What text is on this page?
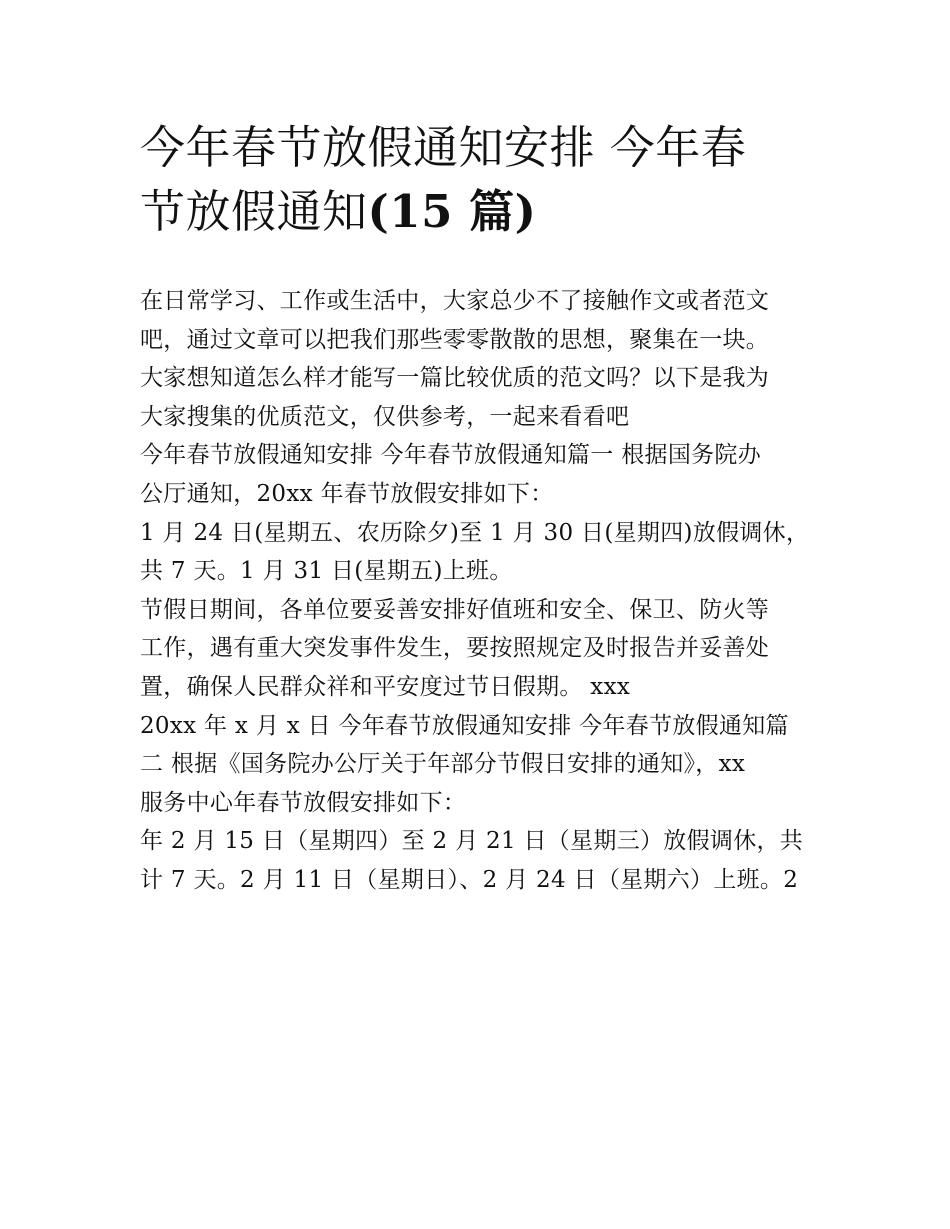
今年春节放假通知安排 今年春
节放假通知(15 篇)

在日常学习、工作或生活中，大家总少不了接触作文或者范文
吧，通过文章可以把我们那些零零散散的思想，聚集在一块。
大家想知道怎么样才能写一篇比较优质的范文吗？以下是我为
大家搜集的优质范文，仅供参考，一起来看看吧

今年春节放假通知安排 今年春节放假通知篇一 根据国务院办
公厅通知，20xx 年春节放假安排如下：

1 月 24 日(星期五、农历除夕)至 1 月 30 日(星期四)放假调休，
共 7 天。1 月 31 日(星期五)上班。

节假日期间，各单位要妥善安排好值班和安全、保卫、防火等
工作，遇有重大突发事件发生，要按照规定及时报告并妥善处
置，确保人民群众祥和平安度过节日假期。 xxx

20xx 年 x 月 x 日 今年春节放假通知安排 今年春节放假通知篇
二 根据《国务院办公厅关于年部分节假日安排的通知》，xx
服务中心年春节放假安排如下：

年 2 月 15 日（星期四）至 2 月 21 日（星期三）放假调休，共
计 7 天。2 月 11 日（星期日）、2 月 24 日（星期六）上班。2
